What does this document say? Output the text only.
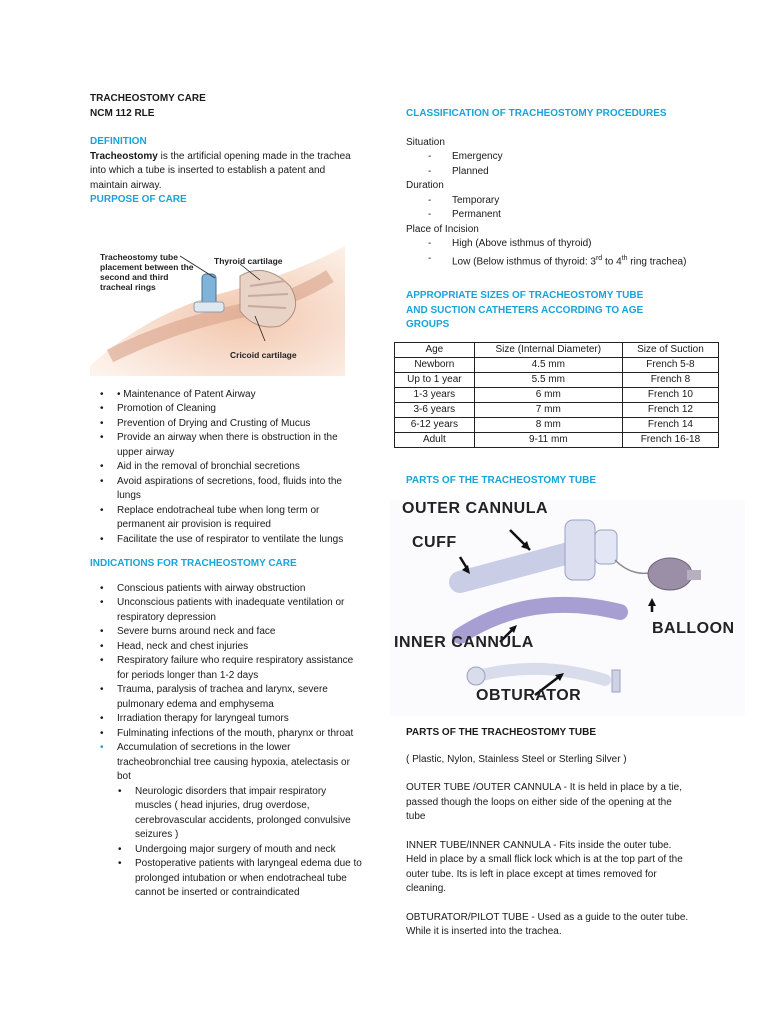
TRACHEOSTOMY CARE

NCM 112 RLE

DEFINITION

Tracheostomy is the artificial opening made in the trachea into which a tube is inserted to establish a patent and maintain airway.

PURPOSE OF CARE

Tracheostomy tube placement between the second and third tracheal rings
Thyroid cartilage
Cricoid cartilage
• • Maintenance of Patent Airway
• Promotion of Cleaning
• Prevention of Drying and Crusting of Mucus
• Provide an airway when there is obstruction in the upper airway
• Aid in the removal of bronchial secretions
• Avoid aspirations of secretions, food, fluids into the lungs
• Replace endotracheal tube when long term or permanent air provision is required
• Facilitate the use of respirator to ventilate the lungs

INDICATIONS FOR TRACHEOSTOMY CARE

• Conscious patients with airway obstruction
• Unconscious patients with inadequate ventilation or respiratory depression
• Severe burns around neck and face
• Head, neck and chest injuries
• Respiratory failure who require respiratory assistance for periods longer than 1-2 days
• Trauma, paralysis of trachea and larynx, severe pulmonary edema and emphysema
• Irradiation therapy for laryngeal tumors
• Fulminating infections of the mouth, pharynx or throat
• Accumulation of secretions in the lower tracheobronchial tree causing hypoxia, atelectasis or bot
• Neurologic disorders that impair respiratory muscles ( head injuries, drug overdose, cerebrovascular accidents, prolonged convulsive seizures )
• Undergoing major surgery of mouth and neck
• Postoperative patients with laryngeal edema due to prolonged intubation or when endotracheal tube cannot be inserted or contraindicated

CLASSIFICATION OF TRACHEOSTOMY PROCEDURES

Situation

- Emergency
- Planned

Duration

- Temporary
- Permanent

Place of Incision

- High (Above isthmus of thyroid)
- Low (Below isthmus of thyroid: 3rd to 4th ring trachea)

APPROPRIATE SIZES OF TRACHEOSTOMY TUBE AND SUCTION CATHETERS ACCORDING TO AGE GROUPS

Age	Size (Internal Diameter)	Size of Suction
Newborn	4.5 mm	French 5-8
Up to 1 year	5.5 mm	French 8
1-3 years	6 mm	French 10
3-6 years	7 mm	French 12
6-12 years	8 mm	French 14
Adult	9-11 mm	French 16-18

PARTS OF THE TRACHEOSTOMY TUBE

OUTER CANNULA
CUFF
BALLOON
INNER CANNULA
OBTURATOR

PARTS OF THE TRACHEOSTOMY TUBE

( Plastic, Nylon, Stainless Steel or Sterling Silver )

OUTER TUBE /OUTER CANNULA - It is held in place by a tie, passed though the loops on either side of the opening at the tube

INNER TUBE/INNER CANNULA - Fits inside the outer tube. Held in place by a small flick lock which is at the top part of the outer tube. Its is left in place except at times removed for cleaning.

OBTURATOR/PILOT TUBE - Used as a guide to the outer tube. While it is inserted into the trachea.
